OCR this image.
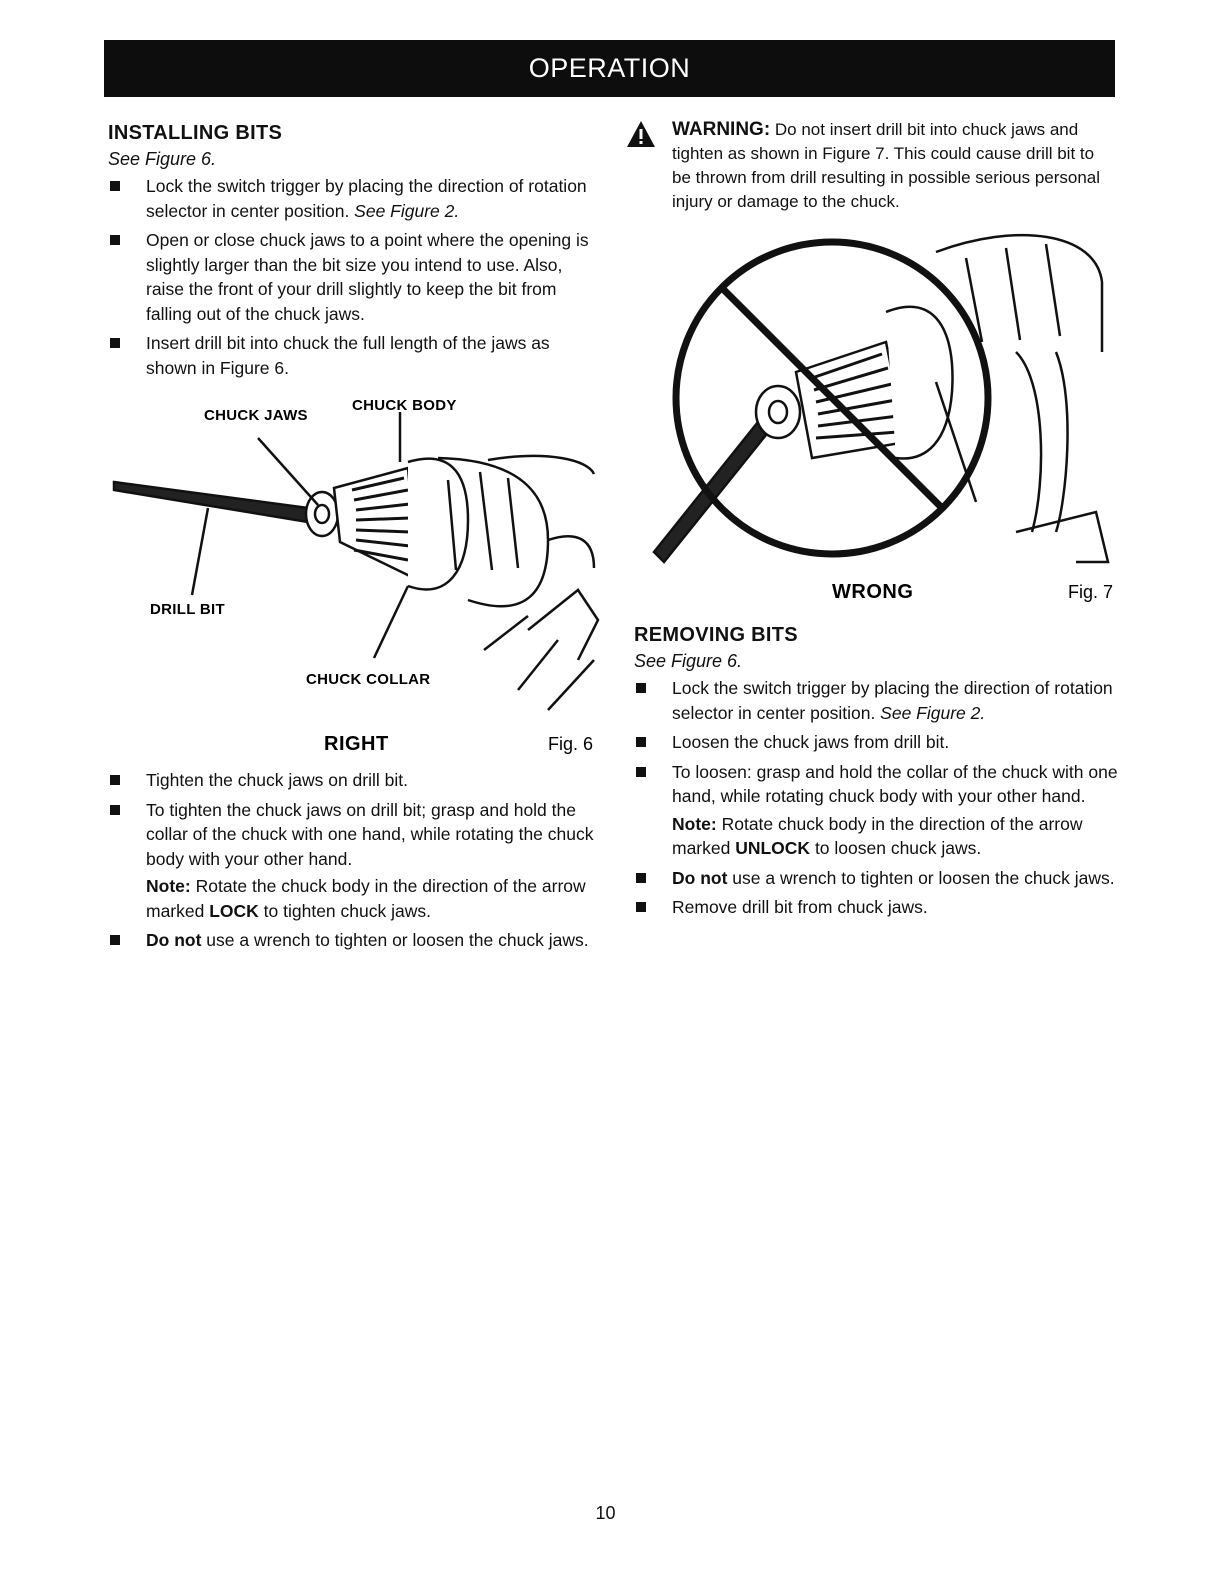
OPERATION
INSTALLING BITS
See Figure 6.
Lock the switch trigger by placing the direction of rotation selector in center position. See Figure 2.
Open or close chuck jaws to a point where the opening is slightly larger than the bit size you intend to use. Also, raise the front of your drill slightly to keep the bit from falling out of the chuck jaws.
Insert drill bit into chuck the full length of the jaws as shown in Figure 6.
CHUCK JAWS
CHUCK BODY
DRILL BIT
CHUCK COLLAR
RIGHT	Fig. 6
Tighten the chuck jaws on drill bit.
To tighten the chuck jaws on drill bit; grasp and hold the collar of the chuck with one hand, while rotating the chuck body with your other hand.
Note: Rotate the chuck body in the direction of the arrow marked LOCK to tighten chuck jaws.
Do not use a wrench to tighten or loosen the chuck jaws.
WARNING: Do not insert drill bit into chuck jaws and tighten as shown in Figure 7. This could cause drill bit to be thrown from drill resulting in possible serious personal injury or damage to the chuck.
WRONG	Fig. 7
REMOVING BITS
See Figure 6.
Lock the switch trigger by placing the direction of rotation selector in center position. See Figure 2.
Loosen the chuck jaws from drill bit.
To loosen: grasp and hold the collar of the chuck with one hand, while rotating chuck body with your other hand.
Note: Rotate chuck body in the direction of the arrow marked UNLOCK to loosen chuck jaws.
Do not use a wrench to tighten or loosen the chuck jaws.
Remove drill bit from chuck jaws.
10
